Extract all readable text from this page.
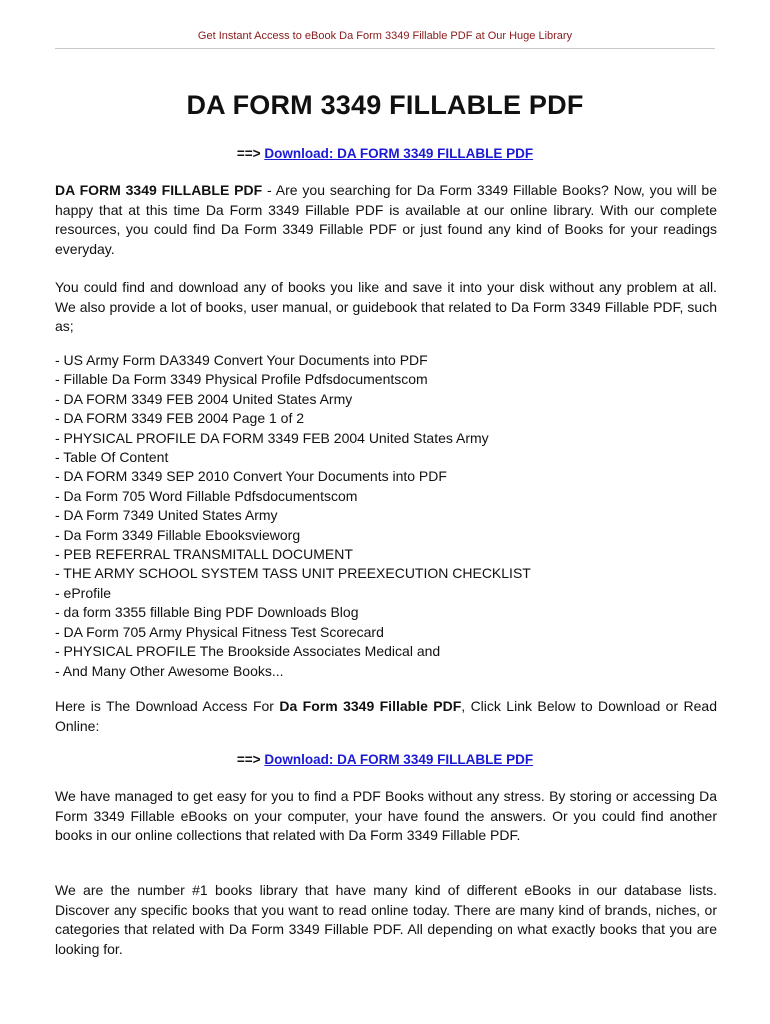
Get Instant Access to eBook Da Form 3349 Fillable PDF at Our Huge Library
DA FORM 3349 FILLABLE PDF
==> Download: DA FORM 3349 FILLABLE PDF
DA FORM 3349 FILLABLE PDF - Are you searching for Da Form 3349 Fillable Books? Now, you will be happy that at this time Da Form 3349 Fillable PDF is available at our online library. With our complete resources, you could find Da Form 3349 Fillable PDF or just found any kind of Books for your readings everyday.
You could find and download any of books you like and save it into your disk without any problem at all. We also provide a lot of books, user manual, or guidebook that related to Da Form 3349 Fillable PDF, such as;
- US Army Form DA3349 Convert Your Documents into PDF
- Fillable Da Form 3349 Physical Profile Pdfsdocumentscom
- DA FORM 3349 FEB 2004 United States Army
- DA FORM 3349 FEB 2004 Page 1 of 2
- PHYSICAL PROFILE DA FORM 3349 FEB 2004 United States Army
- Table Of Content
- DA FORM 3349 SEP 2010 Convert Your Documents into PDF
- Da Form 705 Word Fillable Pdfsdocumentscom
- DA Form 7349 United States Army
- Da Form 3349 Fillable Ebooksvieworg
- PEB REFERRAL TRANSMITALL DOCUMENT
- THE ARMY SCHOOL SYSTEM TASS UNIT PREEXECUTION CHECKLIST
- eProfile
- da form 3355 fillable Bing PDF Downloads Blog
- DA Form 705 Army Physical Fitness Test Scorecard
- PHYSICAL PROFILE The Brookside Associates Medical and
- And Many Other Awesome Books...
Here is The Download Access For Da Form 3349 Fillable PDF, Click Link Below to Download or Read Online:
==> Download: DA FORM 3349 FILLABLE PDF
We have managed to get easy for you to find a PDF Books without any stress. By storing or accessing Da Form 3349 Fillable eBooks on your computer, your have found the answers. Or you could find another books in our online collections that related with Da Form 3349 Fillable PDF.
We are the number #1 books library that have many kind of different eBooks in our database lists. Discover any specific books that you want to read online today. There are many kind of brands, niches, or categories that related with Da Form 3349 Fillable PDF. All depending on what exactly books that you are looking for.
